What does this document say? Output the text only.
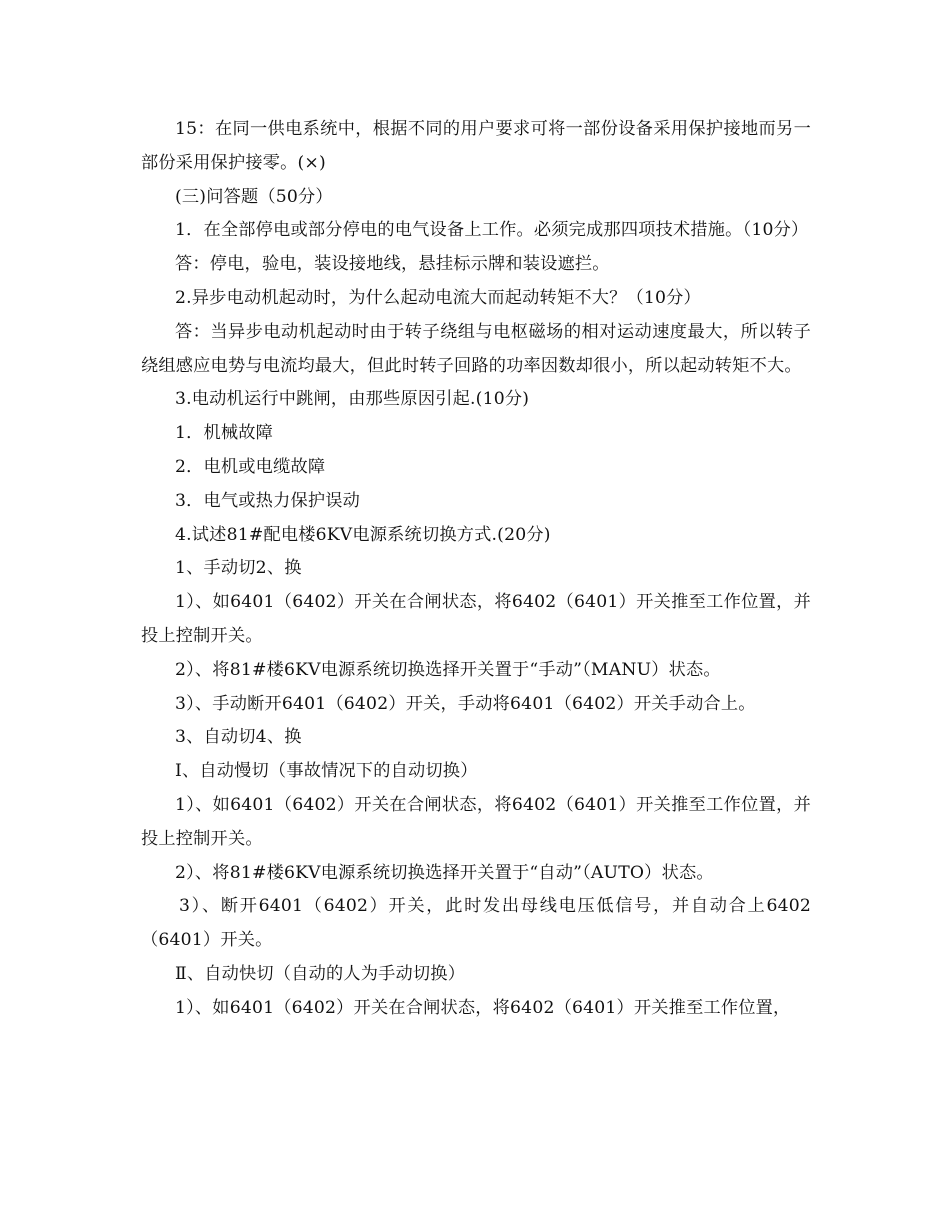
15：在同一供电系统中，根据不同的用户要求可将一部份设备采用保护接地而另一部份采用保护接零。(×)

(三)问答题（50分）

1．在全部停电或部分停电的电气设备上工作。必须完成那四项技术措施。（10分）

答：停电，验电，装设接地线，悬挂标示牌和装设遮拦。

2.异步电动机起动时，为什么起动电流大而起动转矩不大？（10分）

答：当异步电动机起动时由于转子绕组与电枢磁场的相对运动速度最大，所以转子绕组感应电势与电流均最大，但此时转子回路的功率因数却很小，所以起动转矩不大。

3.电动机运行中跳闸，由那些原因引起.(10分)

1．机械故障

2．电机或电缆故障

3．电气或热力保护误动

4.试述81#配电楼6KV电源系统切换方式.(20分)

1、手动切2、换

1）、如6401（6402）开关在合闸状态，将6402（6401）开关推至工作位置，并投上控制开关。

2）、将81#楼6KV电源系统切换选择开关置于“手动”（MANU）状态。

3）、手动断开6401（6402）开关，手动将6401（6402）开关手动合上。

3、自动切4、换

Ⅰ、自动慢切（事故情况下的自动切换）

1）、如6401（6402）开关在合闸状态，将6402（6401）开关推至工作位置，并投上控制开关。

2）、将81#楼6KV电源系统切换选择开关置于“自动”（AUTO）状态。

3）、断开6401（6402）开关，此时发出母线电压低信号，并自动合上6402（6401）开关。

Ⅱ、自动快切（自动的人为手动切换）

1）、如6401（6402）开关在合闸状态，将6402（6401）开关推至工作位置，
